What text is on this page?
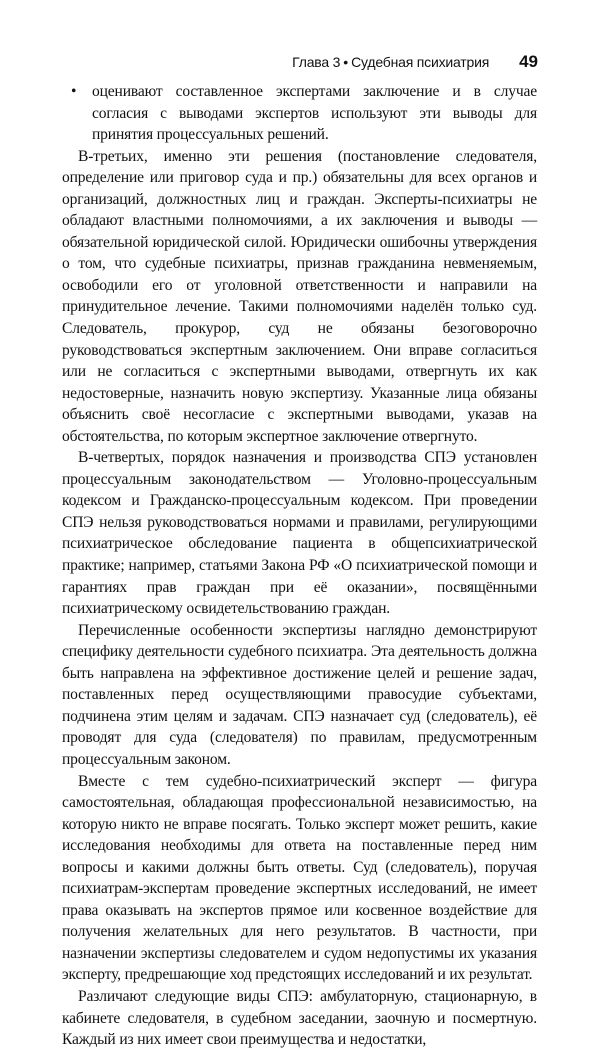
Глава 3 • Судебная психиатрия 49
•	оценивают составленное экспертами заключение и в случае согласия с выводами экспертов используют эти выводы для принятия процессуальных решений.

В-третьих, именно эти решения (постановление следователя, определение или приговор суда и пр.) обязательны для всех органов и организаций, должностных лиц и граждан. Эксперты-психиатры не обладают властными полномочиями, а их заключения и выводы — обязательной юридической силой. Юридически ошибочны утверждения о том, что судебные психиатры, признав гражданина невменяемым, освободили его от уголовной ответственности и направили на принудительное лечение. Такими полномочиями наделён только суд. Следователь, прокурор, суд не обязаны безоговорочно руководствоваться экспертным заключением. Они вправе согласиться или не согласиться с экспертными выводами, отвергнуть их как недостоверные, назначить новую экспертизу. Указанные лица обязаны объяснить своё несогласие с экспертными выводами, указав на обстоятельства, по которым экспертное заключение отвергнуто.

В-четвертых, порядок назначения и производства СПЭ установлен процессуальным законодательством — Уголовно-процессуальным кодексом и Гражданско-процессуальным кодексом. При проведении СПЭ нельзя руководствоваться нормами и правилами, регулирующими психиатрическое обследование пациента в общепсихиатрической практике; например, статьями Закона РФ «О психиатрической помощи и гарантиях прав граждан при её оказании», посвящёнными психиатрическому освидетельствованию граждан.

Перечисленные особенности экспертизы наглядно демонстрируют специфику деятельности судебного психиатра. Эта деятельность должна быть направлена на эффективное достижение целей и решение задач, поставленных перед осуществляющими правосудие субъектами, подчинена этим целям и задачам. СПЭ назначает суд (следователь), её проводят для суда (следователя) по правилам, предусмотренным процессуальным законом.

Вместе с тем судебно-психиатрический эксперт — фигура самостоятельная, обладающая профессиональной независимостью, на которую никто не вправе посягать. Только эксперт может решить, какие исследования необходимы для ответа на поставленные перед ним вопросы и какими должны быть ответы. Суд (следователь), поручая психиатрам-экспертам проведение экспертных исследований, не имеет права оказывать на экспертов прямое или косвенное воздействие для получения желательных для него результатов. В частности, при назначении экспертизы следователем и судом недопустимы их указания эксперту, предрешающие ход предстоящих исследований и их результат.

Различают следующие виды СПЭ: амбулаторную, стационарную, в кабинете следователя, в судебном заседании, заочную и посмертную. Каждый из них имеет свои преимущества и недостатки,
